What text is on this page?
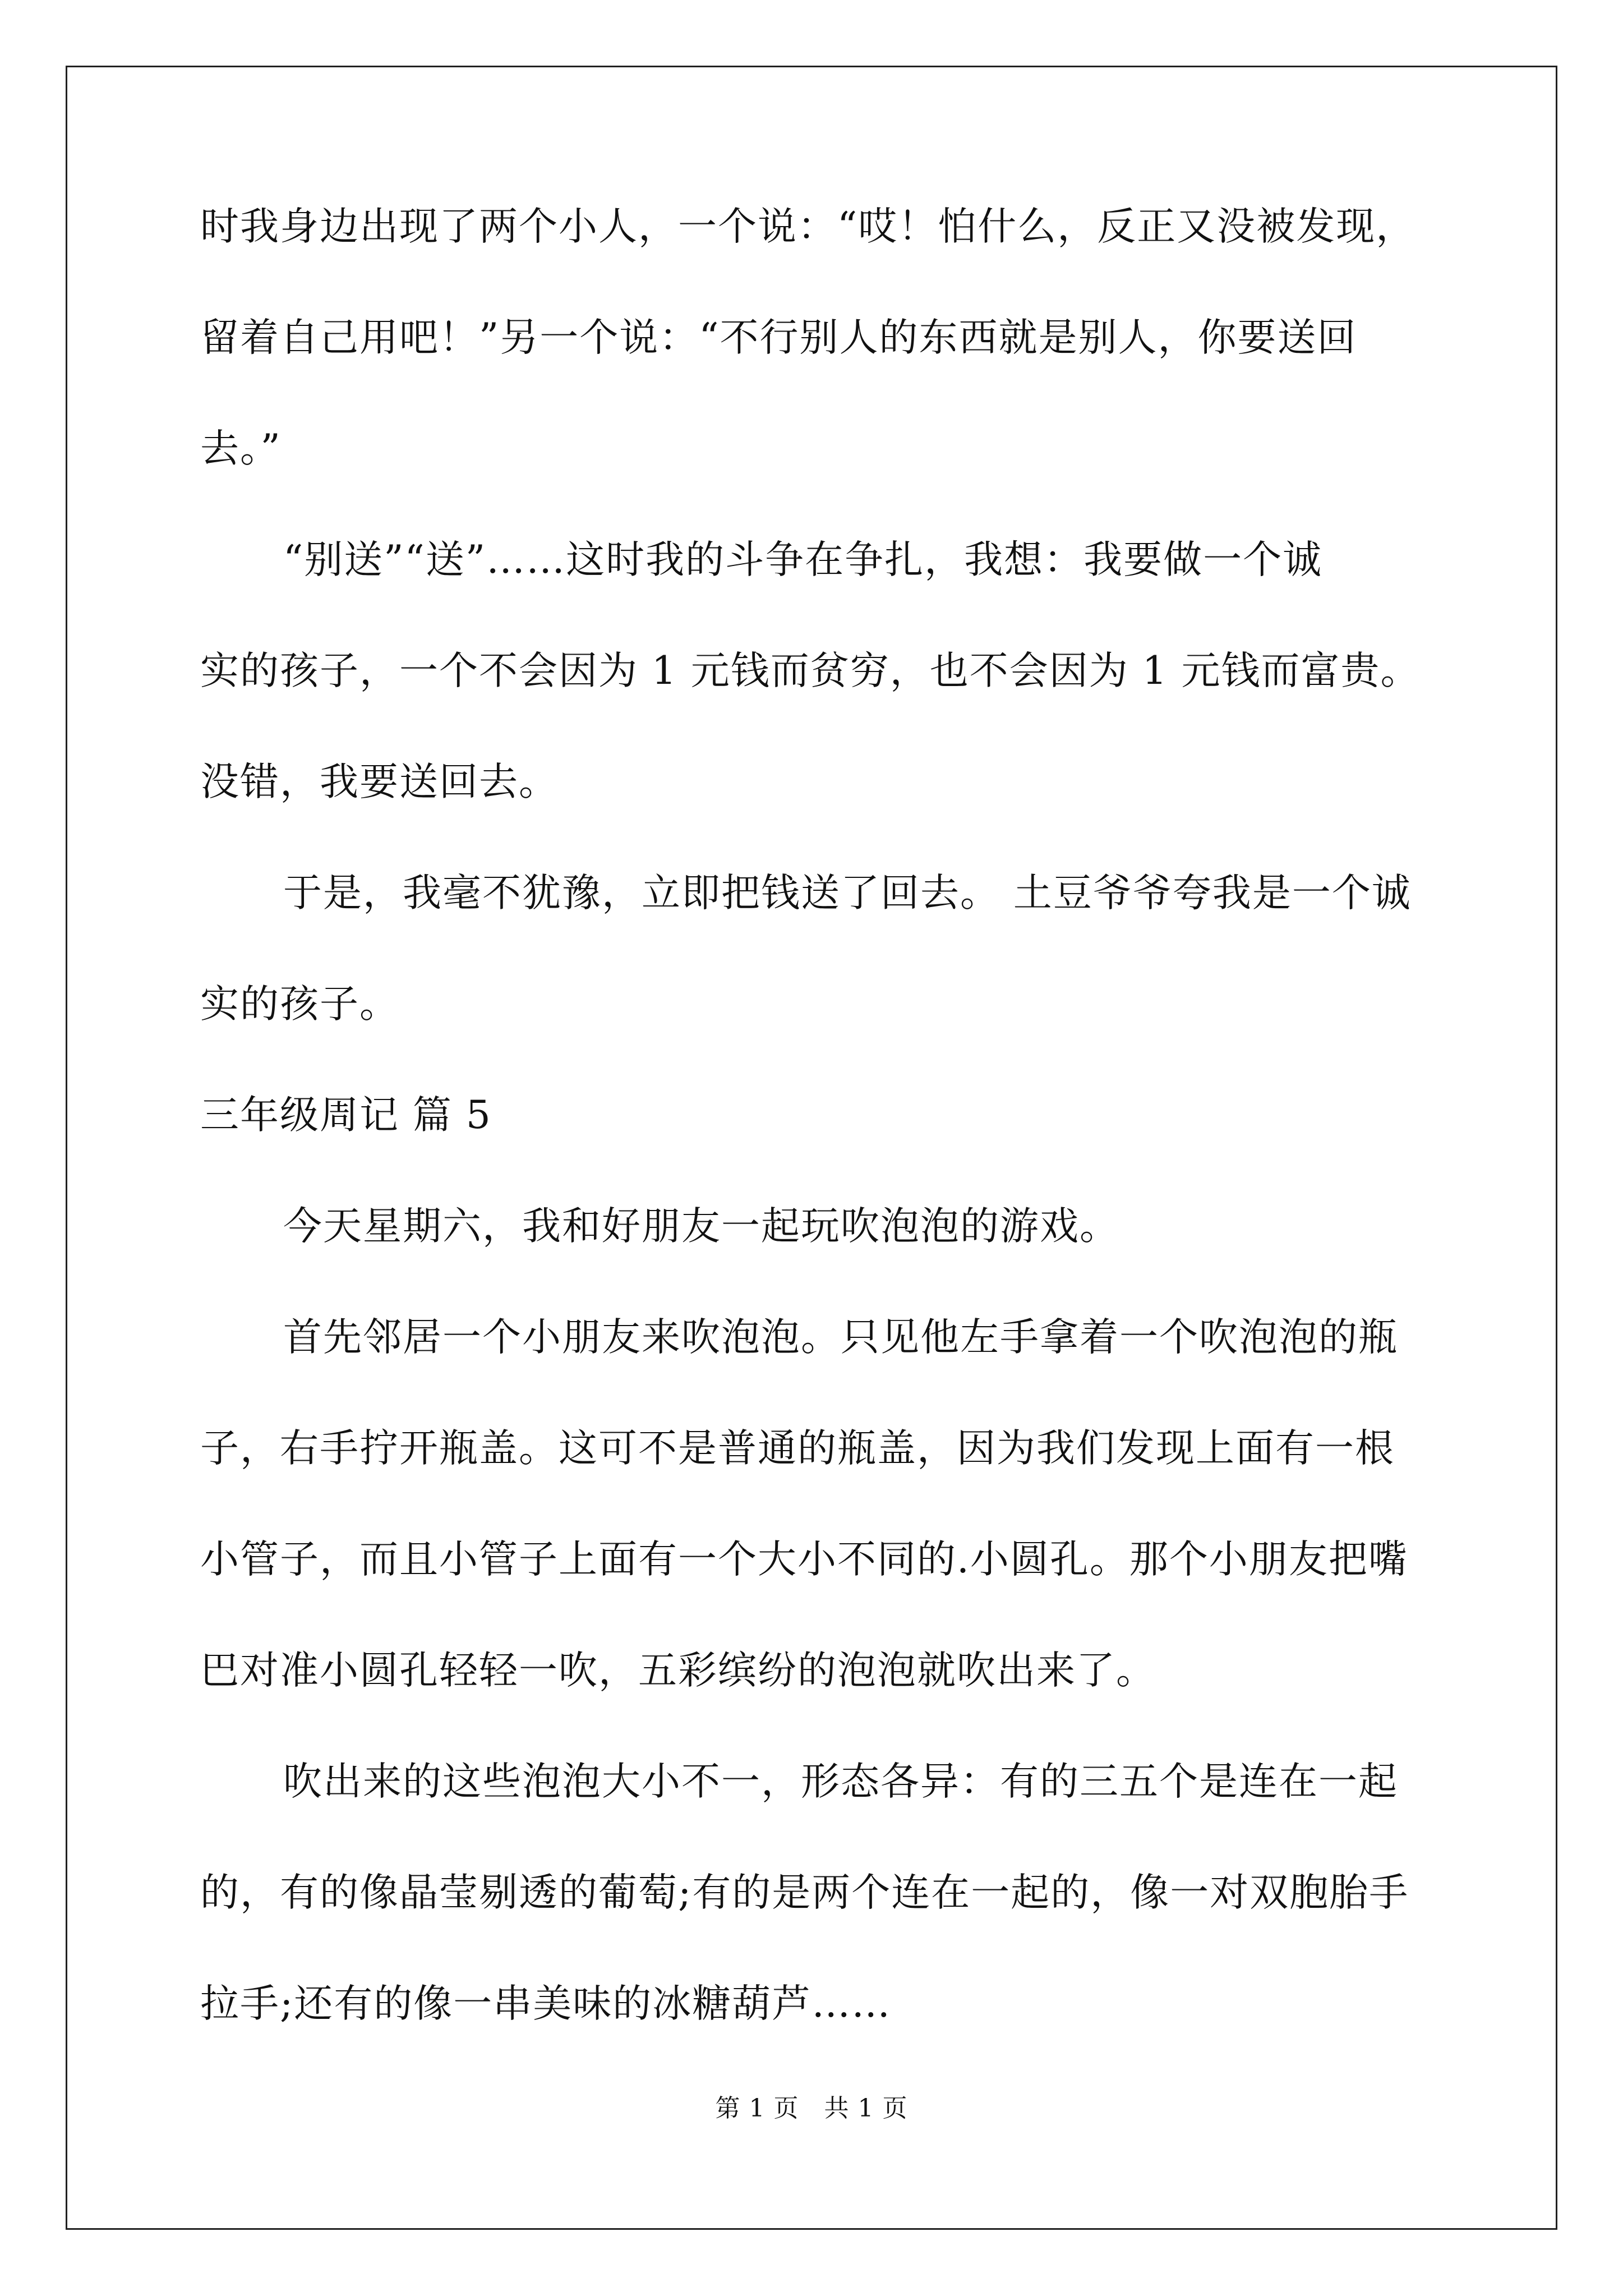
时我身边出现了两个小人，一个说：“哎！怕什么，反正又没被发现，

留着自己用吧！”另一个说：“不行别人的东西就是别人，你要送回

去。”

“别送”“送”……这时我的斗争在争扎，我想：我要做一个诚

实的孩子，一个不会因为 1 元钱而贫穷，也不会因为 1 元钱而富贵。

没错，我要送回去。

于是，我毫不犹豫，立即把钱送了回去。 土豆爷爷夸我是一个诚

实的孩子。

三年级周记 篇 5

今天星期六，我和好朋友一起玩吹泡泡的游戏。

首先邻居一个小朋友来吹泡泡。只见他左手拿着一个吹泡泡的瓶

子，右手拧开瓶盖。这可不是普通的瓶盖，因为我们发现上面有一根

小管子，而且小管子上面有一个大小不同的.小圆孔。那个小朋友把嘴

巴对准小圆孔轻轻一吹，五彩缤纷的泡泡就吹出来了。

吹出来的这些泡泡大小不一，形态各异：有的三五个是连在一起

的，有的像晶莹剔透的葡萄;有的是两个连在一起的，像一对双胞胎手

拉手;还有的像一串美味的冰糖葫芦……

第 1 页　共 1 页
